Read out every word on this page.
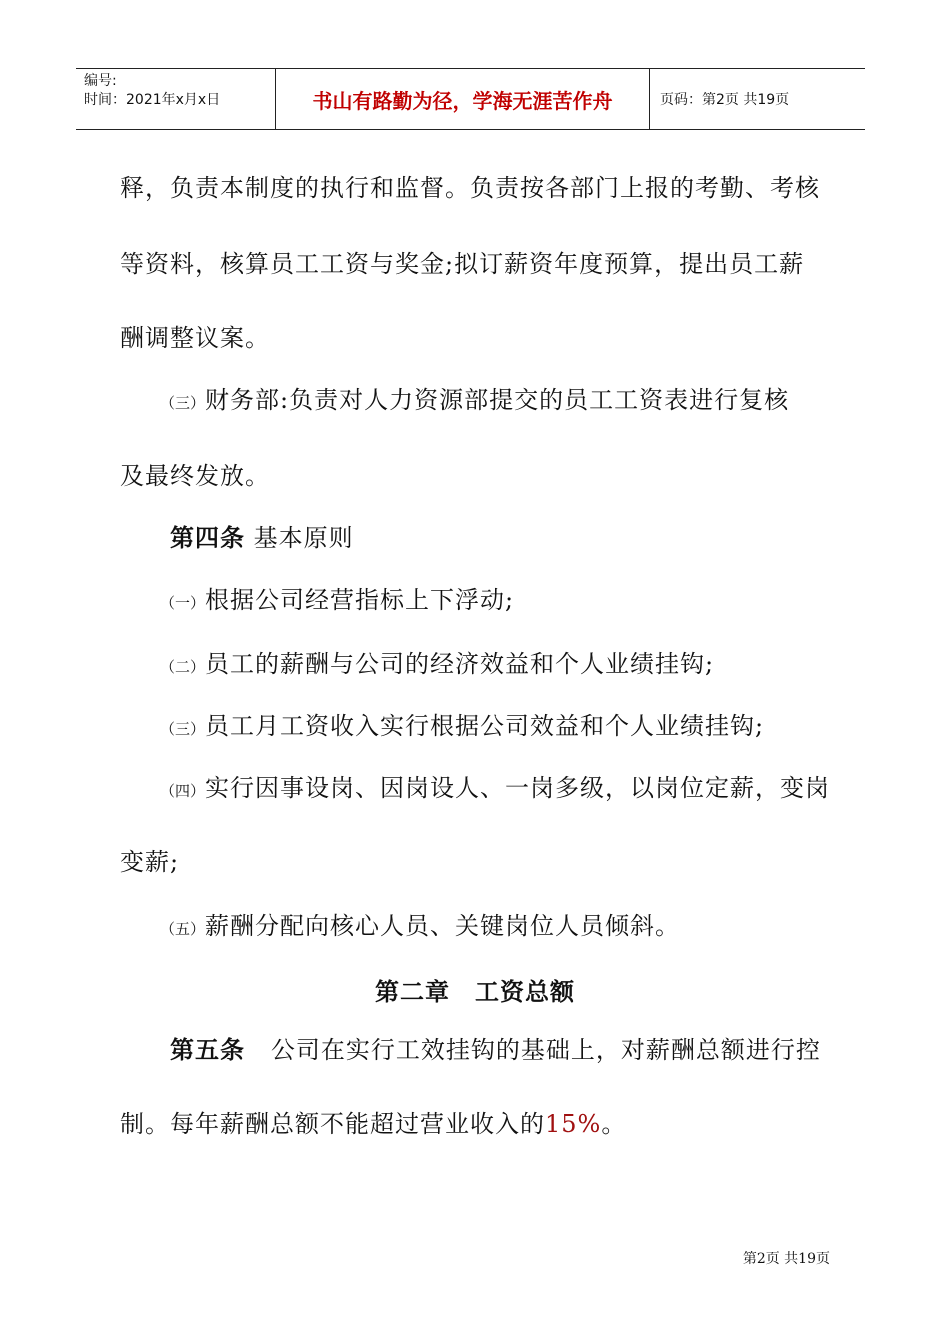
编号:
时间：2021年x月x日	书山有路勤为径，学海无涯苦作舟	页码：第2页 共19页

释，负责本制度的执行和监督。负责按各部门上报的考勤、考核

等资料，核算员工工资与奖金;拟订薪资年度预算，提出员工薪

酬调整议案。

（三）财务部:负责对人力资源部提交的员工工资表进行复核

及最终发放。

第四条 基本原则

（一）根据公司经营指标上下浮动;

（二）员工的薪酬与公司的经济效益和个人业绩挂钩;

（三）员工月工资收入实行根据公司效益和个人业绩挂钩;

（四）实行因事设岗、因岗设人、一岗多级，以岗位定薪，变岗

变薪;

（五）薪酬分配向核心人员、关键岗位人员倾斜。

第二章　工资总额

第五条 公司在实行工效挂钩的基础上，对薪酬总额进行控

制。每年薪酬总额不能超过营业收入的15%。

第2页 共19页
